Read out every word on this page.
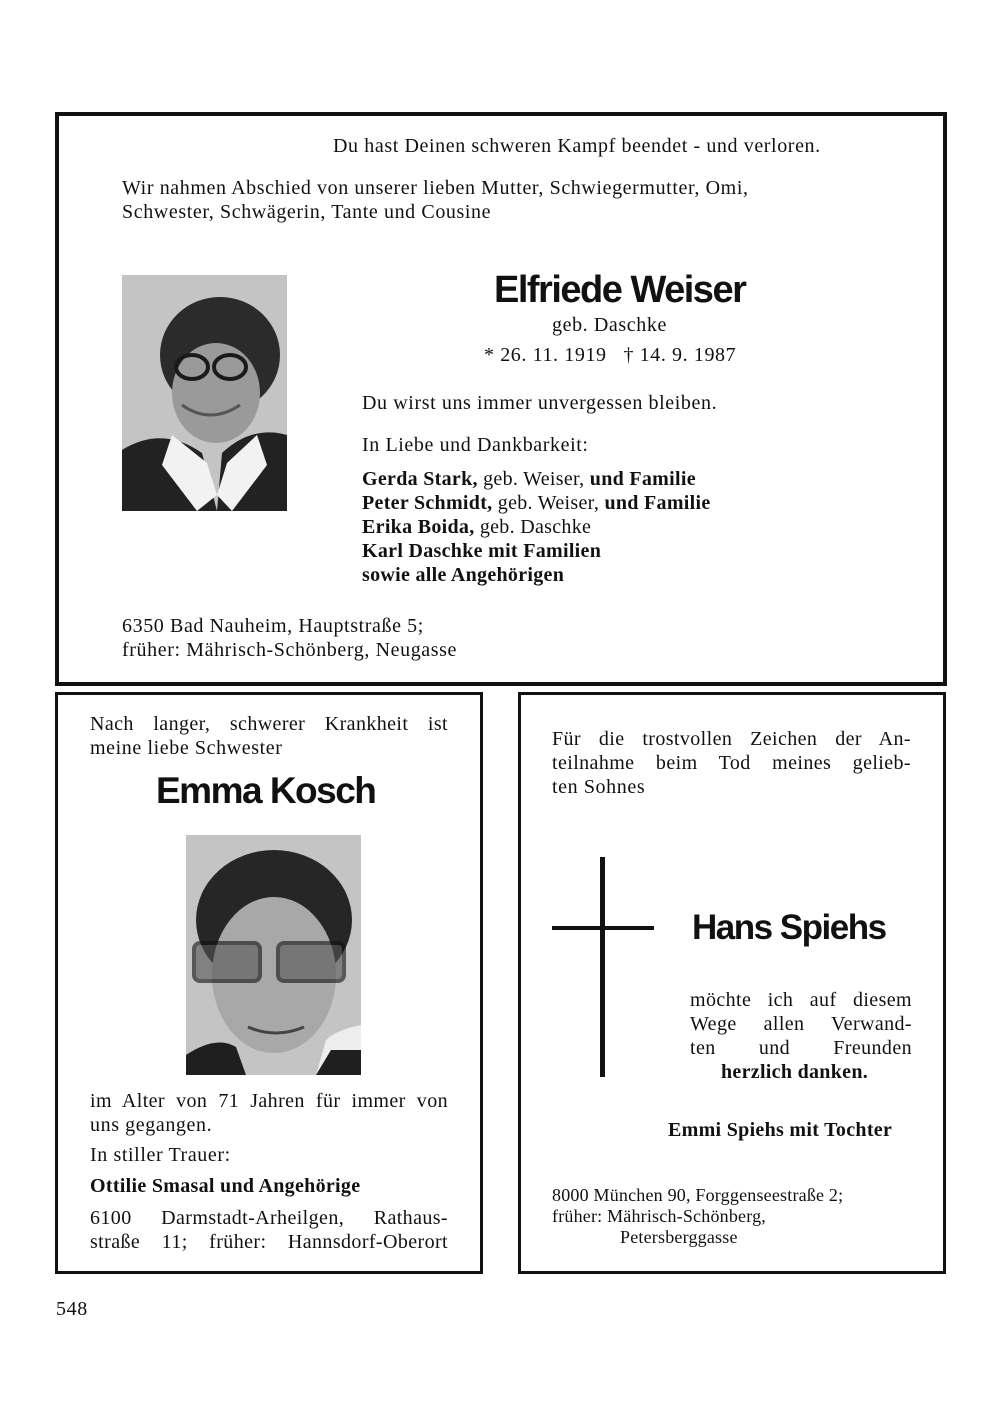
Du hast Deinen schweren Kampf beendet - und verloren.
Wir nahmen Abschied von unserer lieben Mutter, Schwiegermutter, Omi,
Schwester, Schwägerin, Tante und Cousine
Elfriede Weiser
geb. Daschke
* 26. 11. 1919   † 14. 9. 1987
Du wirst uns immer unvergessen bleiben.
In Liebe und Dankbarkeit:
Gerda Stark, geb. Weiser, und Familie
Peter Schmidt, geb. Weiser, und Familie
Erika Boida, geb. Daschke
Karl Daschke mit Familien
sowie alle Angehörigen
6350 Bad Nauheim, Hauptstraße 5;
früher: Mährisch-Schönberg, Neugasse
Nach langer, schwerer Krankheit ist
meine liebe Schwester
Emma Kosch
im Alter von 71 Jahren für immer von
uns gegangen.
In stiller Trauer:
Ottilie Smasal und Angehörige
6100 Darmstadt-Arheilgen, Rathaus-
straße 11; früher: Hannsdorf-Oberort
Für die trostvollen Zeichen der An-
teilnahme beim Tod meines gelieb-
ten Sohnes
Hans Spiehs
möchte ich auf diesem
Wege allen Verwand-
ten und Freunden
herzlich danken.
Emmi Spiehs mit Tochter
8000 München 90, Forggenseestraße 2;
früher: Mährisch-Schönberg,
Petersberggasse
548
